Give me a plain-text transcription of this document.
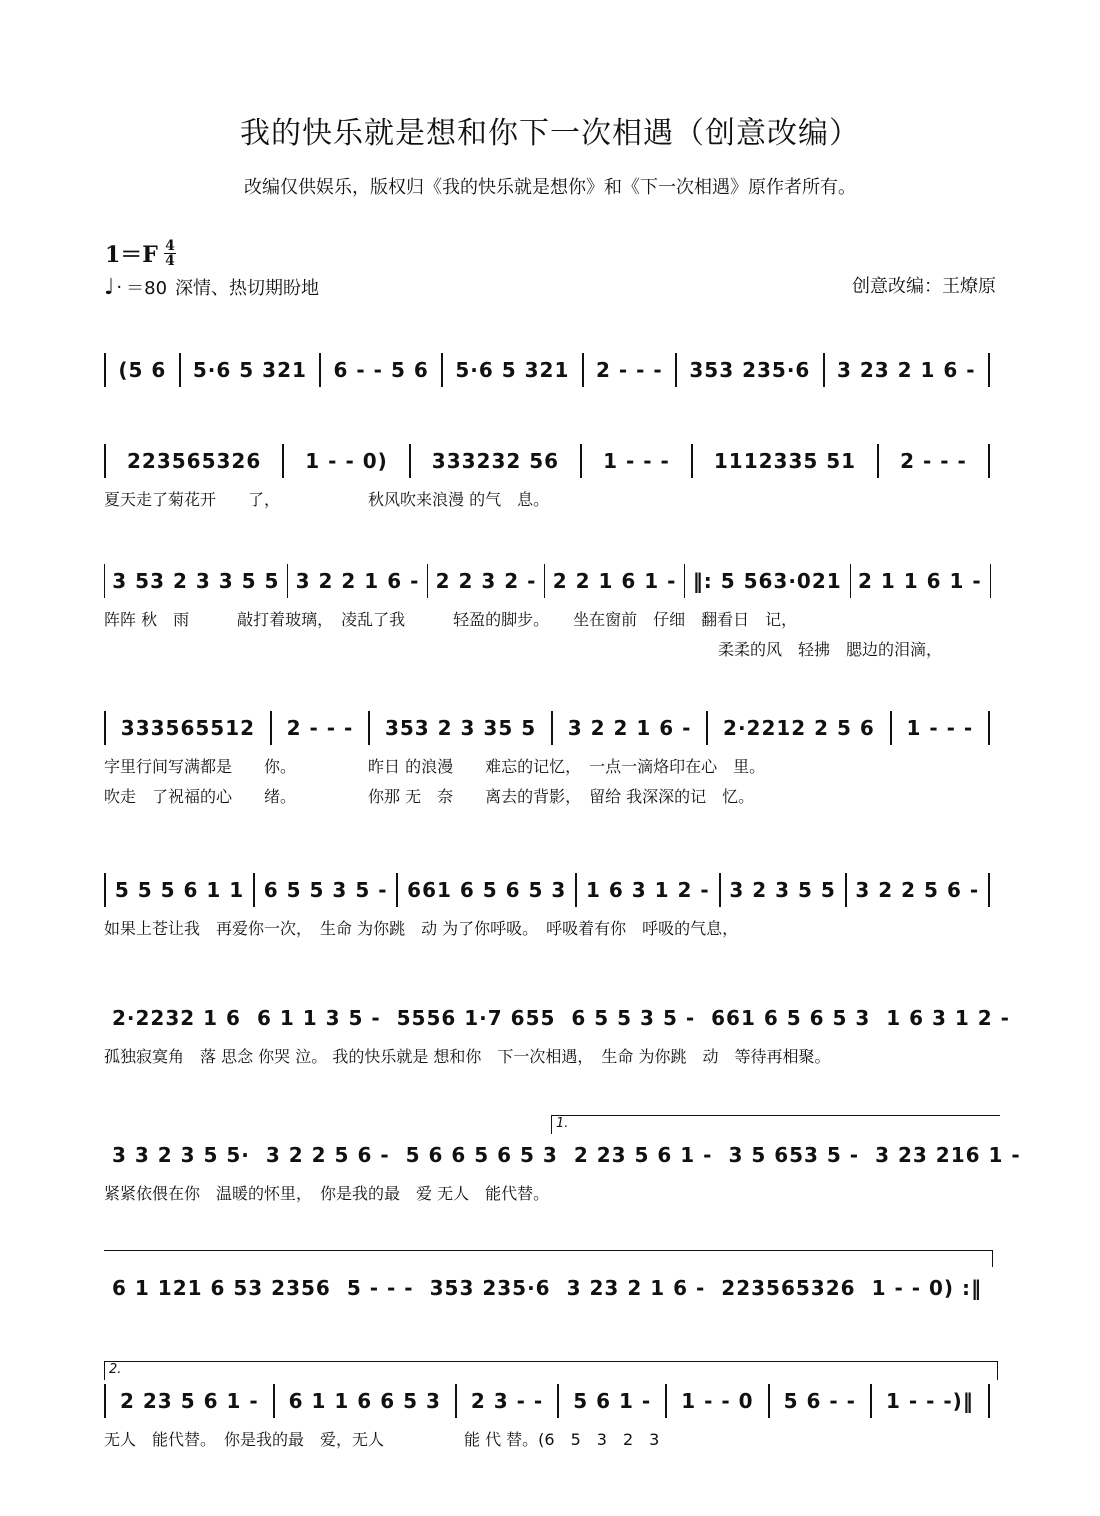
我的快乐就是想和你下一次相遇（创意改编）
改编仅供娱乐，版权归《我的快乐就是想你》和《下一次相遇》原作者所有。
1＝F 4
4
♩ · ＝80 深情、热切期盼地	创意改编：王燎原
(5 6 5·6 5 321 6 - - 5 6 5·6 5 321 2 - - - 353 235·6 3 23 2 1 6 -
223565326 1 - - 0) 333232 56 1 - - - 1112335 51 2 - - -
夏天走了菊花开　　了，　　　　　　秋风吹来浪漫 的气　息。
3 53 2 3 3 5 5 3 2 2 1 6 - 2 2 3 2 - 2 2 1 6 1 - ‖: 5 563·021 2 1 1 6 1 -
阵阵 秋　雨　　　敲打着玻璃，　凌乱了我　　　轻盈的脚步。　　坐在窗前　仔细　翻看日　记，
柔柔的风　轻拂　腮边的泪滴，
333565512 2 - - - 353 2 3 35 5 3 2 2 1 6 - 2·2212 2 5 6 1 - - -
字里行间写满都是　　你。　　　　　昨日 的浪漫　　难忘的记忆，　一点一滴烙印在心　里。
吹走　了祝福的心　　绪。　　　　　你那 无　奈　　离去的背影，　留给 我深深的记　忆。
5 5 5 6 1 1 6 5 5 3 5 - 661 6 5 6 5 3 1 6 3 1 2 - 3 2 3 5 5 3 2 2 5 6 -
如果上苍让我　再爱你一次，　生命 为你跳　动 为了你呼吸。　呼吸着有你　呼吸的气息，
2·2232 1 6 6 1 1 3 5 - 5556 1·7 655 6 5 5 3 5 - 661 6 5 6 5 3 1 6 3 1 2 -
孤独寂寞角　落 思念 你哭 泣。 我的快乐就是 想和你　下一次相遇，　生命 为你跳　动　等待再相聚。
3 3 2 3 5 5· 3 2 2 5 6 - 5 6 6 5 6 5 3 2 23 5 6 1 - 3 5 653 5 - 3 23 216 1 -
紧紧依偎在你　温暖的怀里，　你是我的最　爱 无人　能代替。
6 1 121 6 53 2356 5 - - - 353 235·6 3 23 2 1 6 - 223565326 1 - - 0) :‖
2 23 5 6 1 - 6 1 1 6 6 5 3 2 3 - - 5 6 1 - 1 - - 0 5 6 - - 1 - - -)‖
无人　能代替。　你是我的最　爱，无人　　　　　能 代 替。(6　5　3　2　3
1.
2.
